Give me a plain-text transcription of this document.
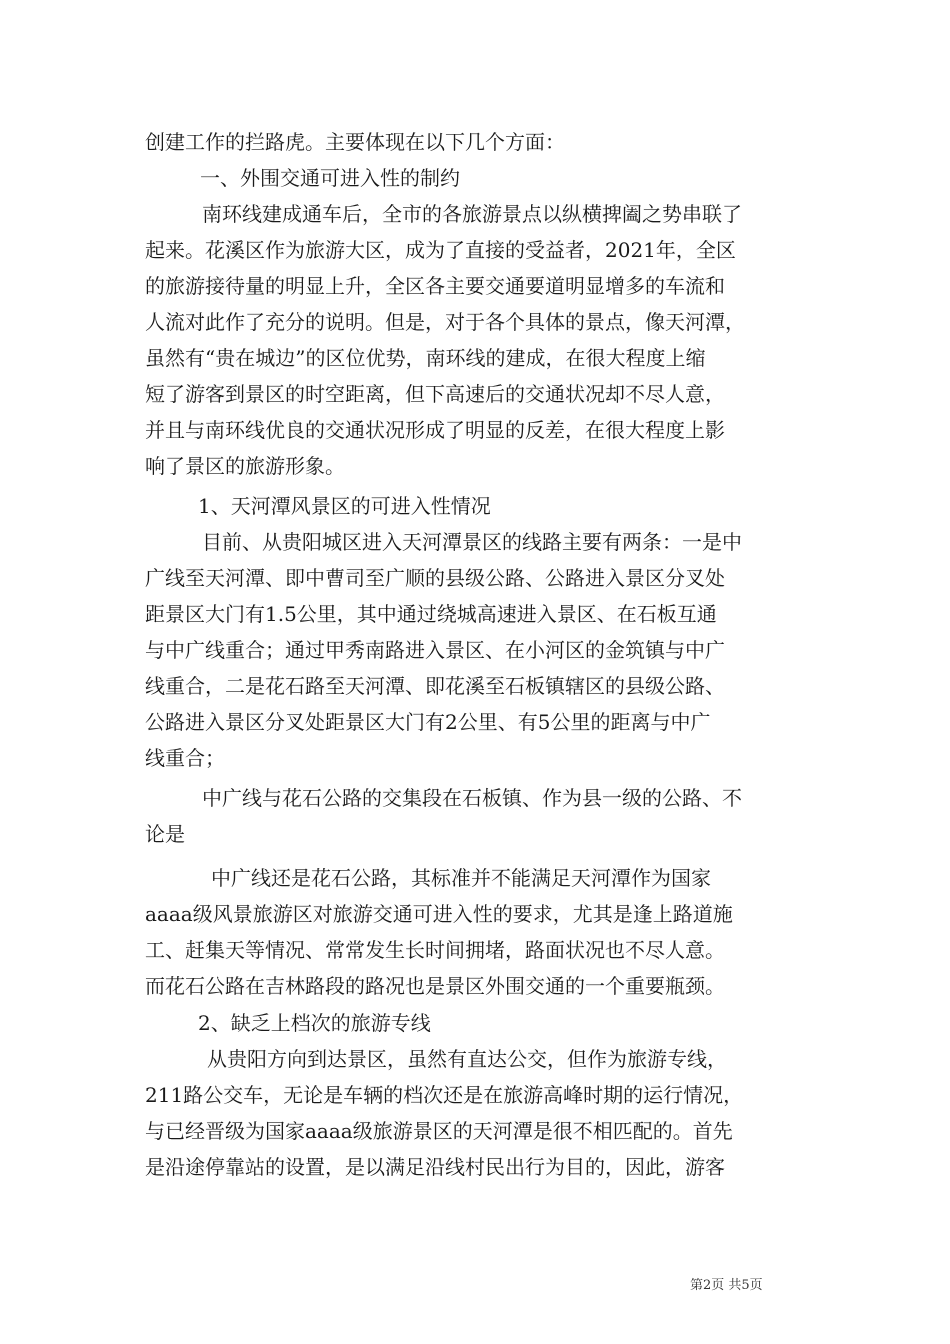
创建工作的拦路虎。主要体现在以下几个方面：
一、外围交通可进入性的制约
南环线建成通车后，全市的各旅游景点以纵横捭阖之势串联了
起来。花溪区作为旅游大区，成为了直接的受益者，2021年，全区
的旅游接待量的明显上升，全区各主要交通要道明显增多的车流和
人流对此作了充分的说明。但是，对于各个具体的景点，像天河潭，
虽然有“贵在城边”的区位优势，南环线的建成，在很大程度上缩
短了游客到景区的时空距离，但下高速后的交通状况却不尽人意，
并且与南环线优良的交通状况形成了明显的反差，在很大程度上影
响了景区的旅游形象。
1、天河潭风景区的可进入性情况
目前、从贵阳城区进入天河潭景区的线路主要有两条：一是中
广线至天河潭、即中曹司至广顺的县级公路、公路进入景区分叉处
距景区大门有1.5公里，其中通过绕城高速进入景区、在石板互通
与中广线重合；通过甲秀南路进入景区、在小河区的金筑镇与中广
线重合，二是花石路至天河潭、即花溪至石板镇辖区的县级公路、
公路进入景区分叉处距景区大门有2公里、有5公里的距离与中广
线重合；
中广线与花石公路的交集段在石板镇、作为县一级的公路、不
论是
中广线还是花石公路，其标准并不能满足天河潭作为国家
aaaa级风景旅游区对旅游交通可进入性的要求，尤其是逢上路道施
工、赶集天等情况、常常发生长时间拥堵，路面状况也不尽人意。
而花石公路在吉林路段的路况也是景区外围交通的一个重要瓶颈。
2、缺乏上档次的旅游专线
从贵阳方向到达景区，虽然有直达公交，但作为旅游专线，
211路公交车，无论是车辆的档次还是在旅游高峰时期的运行情况，
与已经晋级为国家aaaa级旅游景区的天河潭是很不相匹配的。首先
是沿途停靠站的设置，是以满足沿线村民出行为目的，因此，游客
第2页 共5页
